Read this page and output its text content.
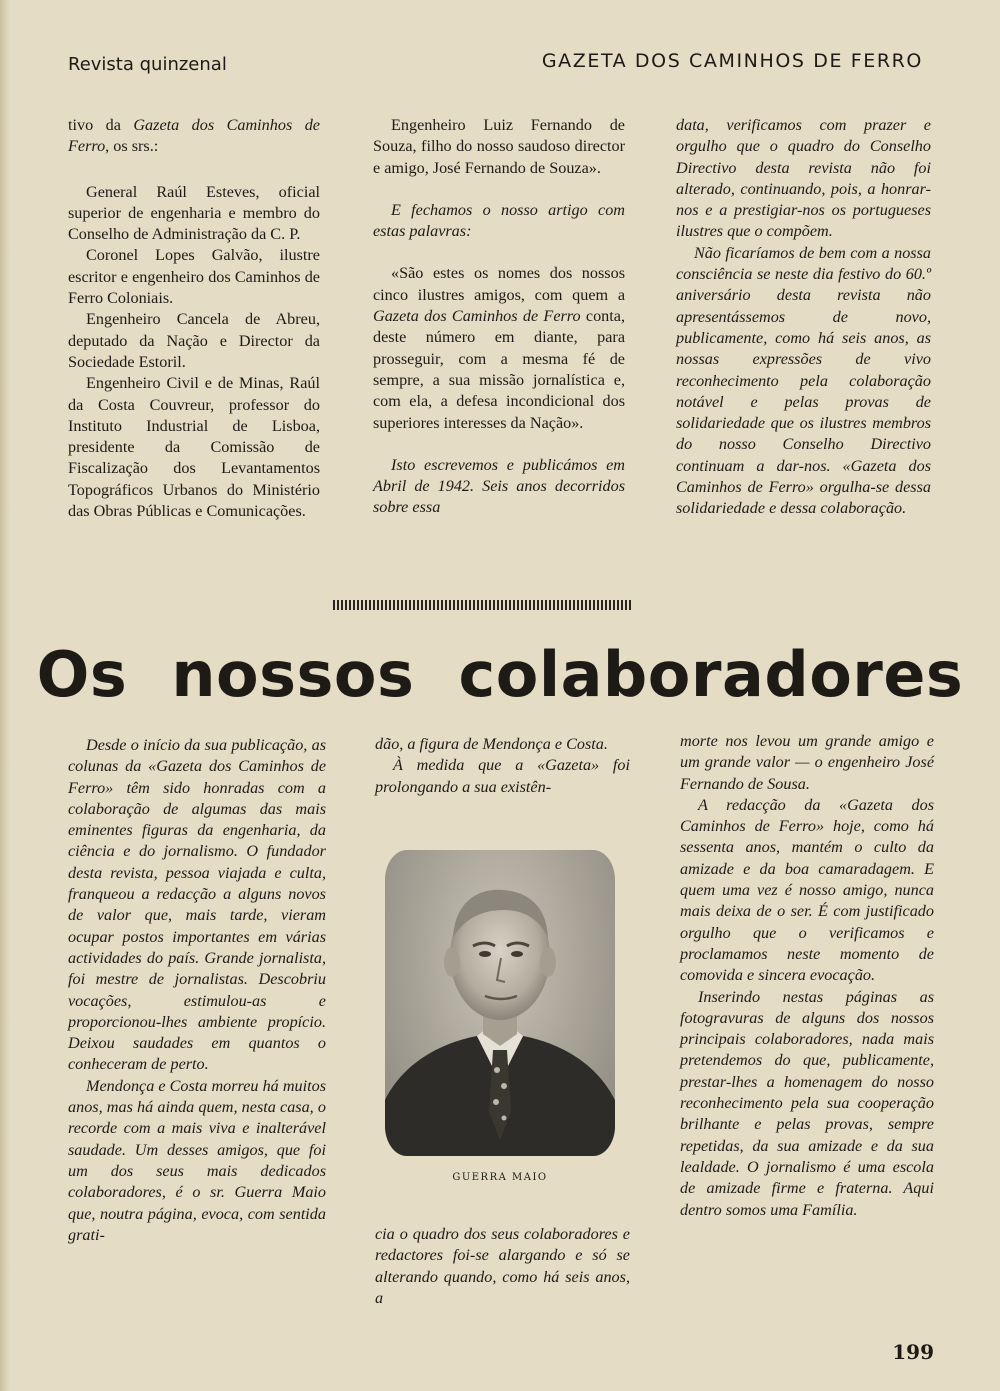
Revista quinzenal	GAZETA DOS CAMINHOS DE FERRO

tivo da Gazeta dos Caminhos de Ferro, os srs.:

General Raúl Esteves, oficial superior de engenharia e membro do Conselho de Administração da C. P.

Coronel Lopes Galvão, ilustre escritor e engenheiro dos Caminhos de Ferro Coloniais.

Engenheiro Cancela de Abreu, deputado da Nação e Director da Sociedade Estoril.

Engenheiro Civil e de Minas, Raúl da Costa Couvreur, professor do Instituto Industrial de Lisboa, presidente da Comissão de Fiscalização dos Levantamentos Topográficos Urbanos do Ministério das Obras Públicas e Comunicações.

Engenheiro Luiz Fernando de Souza, filho do nosso saudoso director e amigo, José Fernando de Souza».

E fechamos o nosso artigo com estas palavras:

«São estes os nomes dos nossos cinco ilustres amigos, com quem a Gazeta dos Caminhos de Ferro conta, deste número em diante, para prosseguir, com a mesma fé de sempre, a sua missão jornalística e, com ela, a defesa incondicional dos superiores interesses da Nação».

Isto escrevemos e publicámos em Abril de 1942. Seis anos decorridos sobre essa

data, verificamos com prazer e orgulho que o quadro do Conselho Directivo desta revista não foi alterado, continuando, pois, a honrar-nos e a prestigiar-nos os portugueses ilustres que o compõem.

Não ficaríamos de bem com a nossa consciência se neste dia festivo do 60.º aniversário desta revista não apresentássemos de novo, publicamente, como há seis anos, as nossas expressões de vivo reconhecimento pela colaboração notável e pelas provas de solidariedade que os ilustres membros do nosso Conselho Directivo continuam a dar-nos. «Gazeta dos Caminhos de Ferro» orgulha-se dessa solidariedade e dessa colaboração.

Os nossos colaboradores

Desde o início da sua publicação, as colunas da «Gazeta dos Caminhos de Ferro» têm sido honradas com a colaboração de algumas das mais eminentes figuras da engenharia, da ciência e do jornalismo. O fundador desta revista, pessoa viajada e culta, franqueou a redacção a alguns novos de valor que, mais tarde, vieram ocupar postos importantes em várias actividades do país. Grande jornalista, foi mestre de jornalistas. Descobriu vocações, estimulou-as e proporcionou-lhes ambiente propício. Deixou saudades em quantos o conheceram de perto.

Mendonça e Costa morreu há muitos anos, mas há ainda quem, nesta casa, o recorde com a mais viva e inalterável saudade. Um desses amigos, que foi um dos seus mais dedicados colaboradores, é o sr. Guerra Maio que, noutra página, evoca, com sentida grati-

dão, a figura de Mendonça e Costa.

À medida que a «Gazeta» foi prolongando a sua existên-

GUERRA MAIO

cia o quadro dos seus colaboradores e redactores foi-se alargando e só se alterando quando, como há seis anos, a

morte nos levou um grande amigo e um grande valor — o engenheiro José Fernando de Sousa.

A redacção da «Gazeta dos Caminhos de Ferro» hoje, como há sessenta anos, mantém o culto da amizade e da boa camaradagem. E quem uma vez é nosso amigo, nunca mais deixa de o ser. É com justificado orgulho que o verificamos e proclamamos neste momento de comovida e sincera evocação.

Inserindo nestas páginas as fotogravuras de alguns dos nossos principais colaboradores, nada mais pretendemos do que, publicamente, prestar-lhes a homenagem do nosso reconhecimento pela sua cooperação brilhante e pelas provas, sempre repetidas, da sua amizade e da sua lealdade. O jornalismo é uma escola de amizade firme e fraterna. Aqui dentro somos uma Família.

199
